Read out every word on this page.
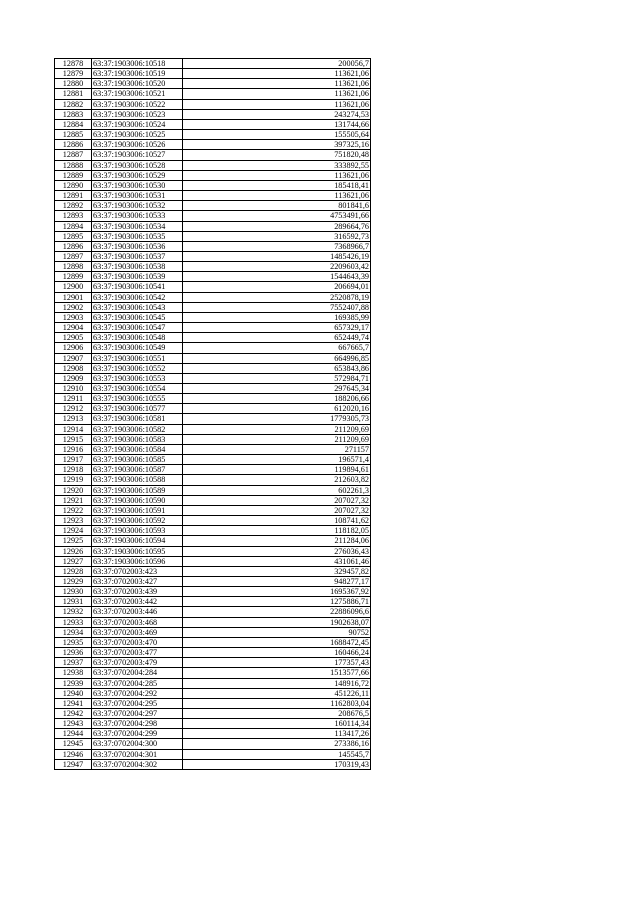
12878	63:37:1903006:10518	200056,7
12879	63:37:1903006:10519	113621,06
12880	63:37:1903006:10520	113621,06
12881	63:37:1903006:10521	113621,06
12882	63:37:1903006:10522	113621,06
12883	63:37:1903006:10523	243274,53
12884	63:37:1903006:10524	131744,66
12885	63:37:1903006:10525	155505,64
12886	63:37:1903006:10526	397325,16
12887	63:37:1903006:10527	751820,48
12888	63:37:1903006:10528	333892,55
12889	63:37:1903006:10529	113621,06
12890	63:37:1903006:10530	185418,41
12891	63:37:1903006:10531	113621,06
12892	63:37:1903006:10532	801841,6
12893	63:37:1903006:10533	4753491,66
12894	63:37:1903006:10534	289664,76
12895	63:37:1903006:10535	316592,73
12896	63:37:1903006:10536	7368966,7
12897	63:37:1903006:10537	1485426,19
12898	63:37:1903006:10538	2209603,42
12899	63:37:1903006:10539	1544643,39
12900	63:37:1903006:10541	206694,01
12901	63:37:1903006:10542	2520878,19
12902	63:37:1903006:10543	7552407,88
12903	63:37:1903006:10545	169385,99
12904	63:37:1903006:10547	657329,17
12905	63:37:1903006:10548	652449,74
12906	63:37:1903006:10549	667665,7
12907	63:37:1903006:10551	664996,85
12908	63:37:1903006:10552	653843,86
12909	63:37:1903006:10553	572984,71
12910	63:37:1903006:10554	297645,34
12911	63:37:1903006:10555	188206,66
12912	63:37:1903006:10577	612020,16
12913	63:37:1903006:10581	1779305,73
12914	63:37:1903006:10582	211209,69
12915	63:37:1903006:10583	211209,69
12916	63:37:1903006:10584	271157
12917	63:37:1903006:10585	196571,4
12918	63:37:1903006:10587	119894,61
12919	63:37:1903006:10588	212603,82
12920	63:37:1903006:10589	602261,3
12921	63:37:1903006:10590	207027,32
12922	63:37:1903006:10591	207027,32
12923	63:37:1903006:10592	108741,62
12924	63:37:1903006:10593	118182,05
12925	63:37:1903006:10594	211284,06
12926	63:37:1903006:10595	276036,43
12927	63:37:1903006:10596	431061,46
12928	63:37:0702003:423	329457,82
12929	63:37:0702003:427	948277,17
12930	63:37:0702003:439	1695367,92
12931	63:37:0702003:442	1275886,71
12932	63:37:0702003:446	22886096,6
12933	63:37:0702003:468	1902638,07
12934	63:37:0702003:469	90752
12935	63:37:0702003:470	1688472,45
12936	63:37:0702003:477	160466,24
12937	63:37:0702003:479	177357,43
12938	63:37:0702004:284	1513577,66
12939	63:37:0702004:285	148916,72
12940	63:37:0702004:292	451226,11
12941	63:37:0702004:295	1162803,04
12942	63:37:0702004:297	208676,5
12943	63:37:0702004:298	160114,34
12944	63:37:0702004:299	113417,26
12945	63:37:0702004:300	273386,16
12946	63:37:0702004:301	145545,7
12947	63:37:0702004:302	170319,43
